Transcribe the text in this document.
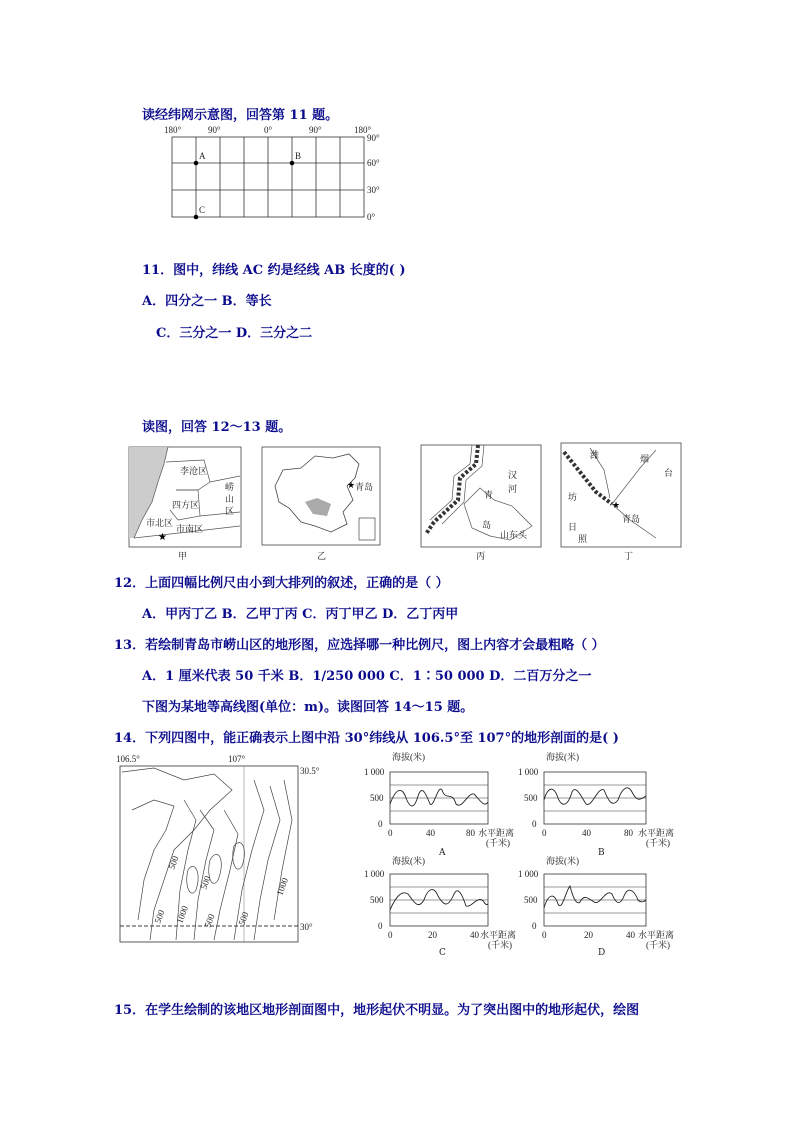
读经纬网示意图，回答第 11 题。
180°	90°	0°	90°	180°
90°
60°
30°
0°
A	B
C
11．图中，纬线 AC 约是经线 AB 长度的( )
A．四分之一 B．等长
C．三分之一 D．三分之二
读图，回答 12～13 题。
李沧区
崂
山
区
四方区
市北区
市南区
★
甲
★ 青岛
乙
青
岛
汉
河
山东头
丙
★
潍	烟
台
坊
日
照
青岛
丁
12．上面四幅比例尺由小到大排列的叙述，正确的是（ ）
A．甲丙丁乙 B．乙甲丁丙 C．丙丁甲乙 D．乙丁丙甲
13．若绘制青岛市崂山区的地形图，应选择哪一种比例尺，图上内容才会最粗略（ ）
A．1 厘米代表 50 千米 B．1/250 000 C．1∶50 000 D．二百万分之一
下图为某地等高线图(单位：m)。读图回答 14～15 题。
14．下列四图中，能正确表示上图中沿 30°纬线从 106.5°至 107°的地形剖面的是( )
106.5°	107°
30.5°
30°
500
500
500 1000 500
1000
500
海拔(米)
1 000
500
0
0	40	80 水平距离
(千米)
A
海拔(米)
1 000
500
0
0	40	80 水平距离
(千米)
B
海拔(米)
1 000
500
0
0	20	40 水平距离
(千米)
C
海拔(米)
1 000
500
0
0	20	40 水平距离
(千米)
D
15．在学生绘制的该地区地形剖面图中，地形起伏不明显。为了突出图中的地形起伏，绘图
